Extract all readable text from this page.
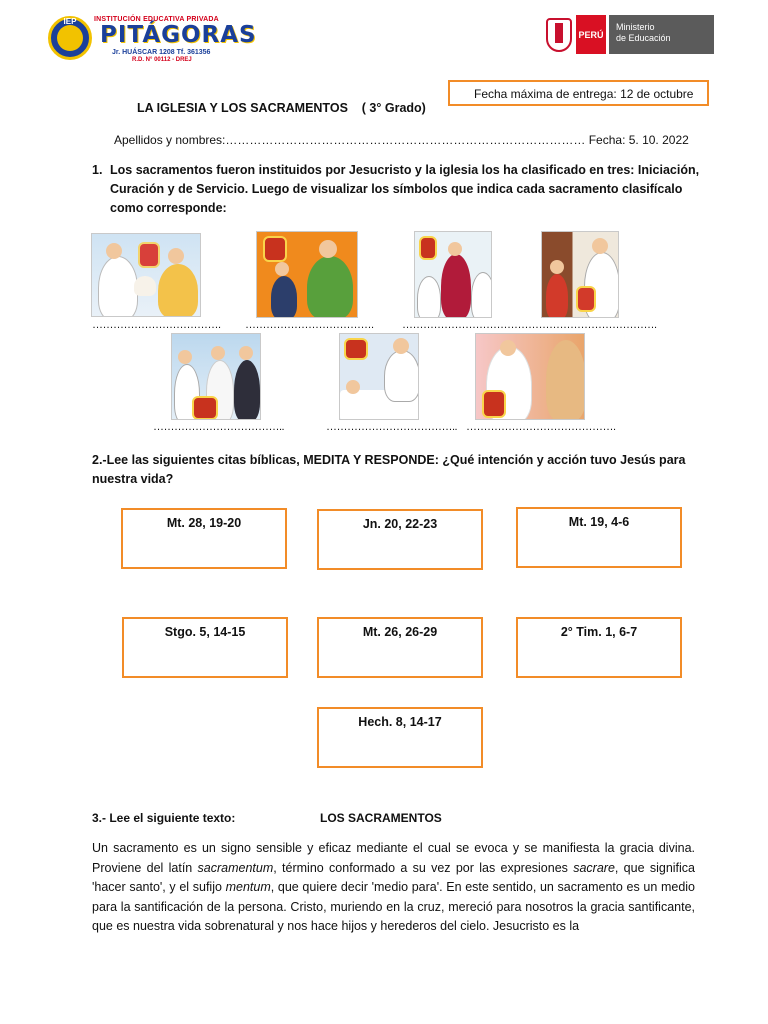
IEP	INSTITUCIÓN EDUCATIVA PRIVADA
PITÁGORAS
Jr. HUÁSCAR 1208 Tf. 361356
R.D. N° 00112 - DREJ
PERÚ
Ministerio
de Educación
Fecha máxima de entrega: 12 de octubre
LA IGLESIA Y LOS SACRAMENTOS    ( 3° Grado)
Apellidos y nombres:……………………………………………………………………………… Fecha: 5. 10. 2022
1. Los sacramentos fueron instituidos por Jesucristo y la iglesia los ha clasificado en tres: Iniciación, Curación y de Servicio. Luego de visualizar los símbolos que indica cada sacramento clasifícalo como corresponde:
………………………………. ……………………………….	……………………………… ……………………………….
………………………………..	……………………………….. …………………………………….
2.-Lee las siguientes citas bíblicas, MEDITA Y RESPONDE: ¿Qué intención y acción tuvo Jesús para nuestra vida?
Mt. 28, 19-20	Jn. 20, 22-23	Mt. 19, 4-6
Stgo. 5, 14-15	Mt. 26, 26-29	2° Tim. 1, 6-7
Hech. 8, 14-17
3.- Lee el siguiente texto:	LOS SACRAMENTOS
Un sacramento es un signo sensible y eficaz mediante el cual se evoca y se manifiesta la gracia divina. Proviene del latín sacramentum, término conformado a su vez por las expresiones sacrare, que significa 'hacer santo', y el sufijo mentum, que quiere decir 'medio para'. En este sentido, un sacramento es un medio para la santificación de la persona. Cristo, muriendo en la cruz, mereció para nosotros la gracia santificante, que es nuestra vida sobrenatural y nos hace hijos y herederos del cielo. Jesucristo es la
